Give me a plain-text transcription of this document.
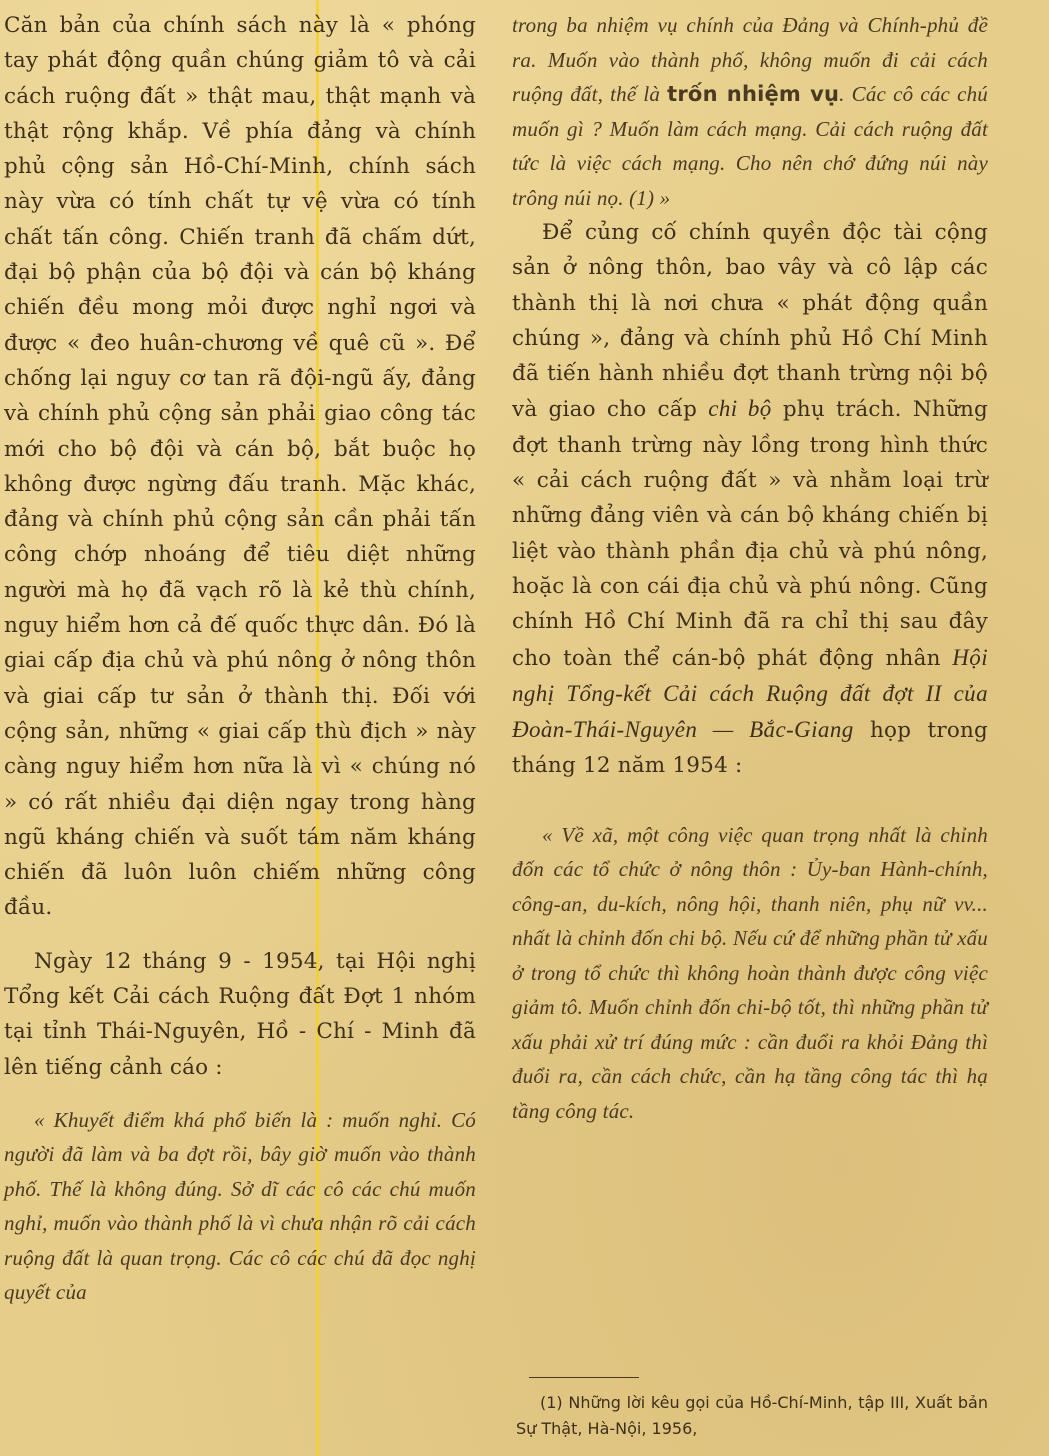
Căn bản của chính sách này là « phóng tay phát động quần chúng giảm tô và cải cách ruộng đất » thật mau, thật mạnh và thật rộng khắp. Về phía đảng và chính phủ cộng sản Hồ-Chí-Minh, chính sách này vừa có tính chất tự vệ vừa có tính chất tấn công. Chiến tranh đã chấm dứt, đại bộ phận của bộ đội và cán bộ kháng chiến đều mong mỏi được nghỉ ngơi và được « đeo huân-chương về quê cũ ». Để chống lại nguy cơ tan rã đội-ngũ ấy, đảng và chính phủ cộng sản phải giao công tác mới cho bộ đội và cán bộ, bắt buộc họ không được ngừng đấu tranh. Mặc khác, đảng và chính phủ cộng sản cần phải tấn công chớp nhoáng để tiêu diệt những người mà họ đã vạch rõ là kẻ thù chính, nguy hiểm hơn cả đế quốc thực dân. Đó là giai cấp địa chủ và phú nông ở nông thôn và giai cấp tư sản ở thành thị. Đối với cộng sản, những « giai cấp thù địch » này càng nguy hiểm hơn nữa là vì « chúng nó » có rất nhiều đại diện ngay trong hàng ngũ kháng chiến và suốt tám năm kháng chiến đã luôn luôn chiếm những công đầu.

Ngày 12 tháng 9 - 1954, tại Hội nghị Tổng kết Cải cách Ruộng đất Đợt 1 nhóm tại tỉnh Thái-Nguyên, Hồ - Chí - Minh đã lên tiếng cảnh cáo :

« Khuyết điểm khá phổ biến là : muốn nghỉ. Có người đã làm và ba đợt rồi, bây giờ muốn vào thành phố. Thế là không đúng. Sở dĩ các cô các chú muốn nghỉ, muốn vào thành phố là vì chưa nhận rõ cải cách ruộng đất là quan trọng. Các cô các chú đã đọc nghị quyết của

trong ba nhiệm vụ chính của Đảng và Chính-phủ đề ra. Muốn vào thành phố, không muốn đi cải cách ruộng đất, thế là trốn nhiệm vụ. Các cô các chú muốn gì ? Muốn làm cách mạng. Cải cách ruộng đất tức là việc cách mạng. Cho nên chớ đứng núi này trông núi nọ. (1) »

Để củng cố chính quyền độc tài cộng sản ở nông thôn, bao vây và cô lập các thành thị là nơi chưa « phát động quần chúng », đảng và chính phủ Hồ Chí Minh đã tiến hành nhiều đợt thanh trừng nội bộ và giao cho cấp chi bộ phụ trách. Những đợt thanh trừng này lồng trong hình thức « cải cách ruộng đất » và nhằm loại trừ những đảng viên và cán bộ kháng chiến bị liệt vào thành phần địa chủ và phú nông, hoặc là con cái địa chủ và phú nông. Cũng chính Hồ Chí Minh đã ra chỉ thị sau đây cho toàn thể cán-bộ phát động nhân Hội nghị Tổng-kết Cải cách Ruộng đất đợt II của Đoàn-Thái-Nguyên — Bắc-Giang họp trong tháng 12 năm 1954 :

« Về xã, một công việc quan trọng nhất là chỉnh đốn các tổ chức ở nông thôn : Ủy-ban Hành-chính, công-an, du-kích, nông hội, thanh niên, phụ nữ vv... nhất là chỉnh đốn chi bộ. Nếu cứ để những phần tử xấu ở trong tổ chức thì không hoàn thành được công việc giảm tô. Muốn chỉnh đốn chi-bộ tốt, thì những phần tử xấu phải xử trí đúng mức : cần đuổi ra khỏi Đảng thì đuổi ra, cần cách chức, cần hạ tầng công tác thì hạ tầng công tác.

(1) Những lời kêu gọi của Hồ-Chí-Minh, tập III, Xuất bản Sự Thật, Hà-Nội, 1956,
